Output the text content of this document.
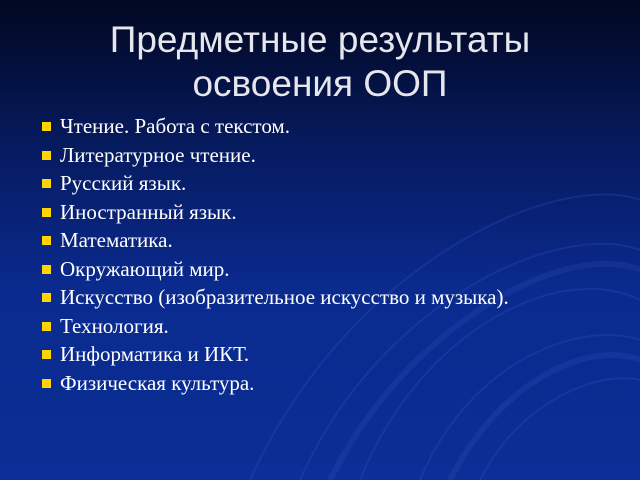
Предметные результаты
освоения ООП
Чтение. Работа с текстом.
Литературное чтение.
Русский язык.
Иностранный язык.
Математика.
Окружающий мир.
Искусство (изобразительное искусство и музыка).
Технология.
Информатика и ИКТ.
Физическая культура.
